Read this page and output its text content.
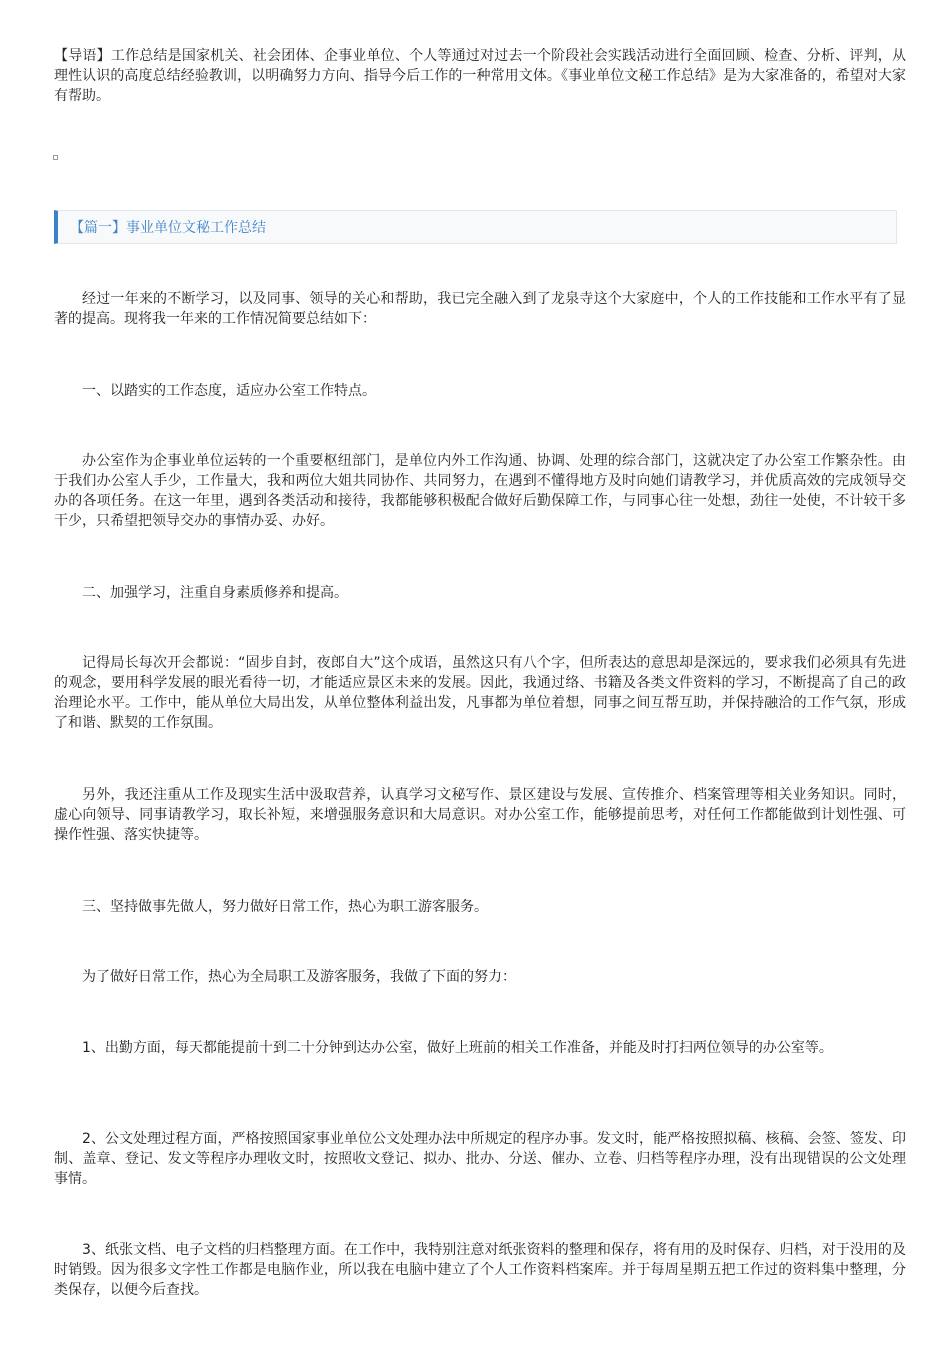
【导语】工作总结是国家机关、社会团体、企事业单位、个人等通过对过去一个阶段社会实践活动进行全面回顾、检查、分析、评判，从理性认识的高度总结经验教训，以明确努力方向、指导今后工作的一种常用文体。《事业单位文秘工作总结》是为大家准备的，希望对大家有帮助。

【篇一】事业单位文秘工作总结

经过一年来的不断学习，以及同事、领导的关心和帮助，我已完全融入到了龙泉寺这个大家庭中，个人的工作技能和工作水平有了显著的提高。现将我一年来的工作情况简要总结如下：

一、以踏实的工作态度，适应办公室工作特点。

办公室作为企事业单位运转的一个重要枢纽部门，是单位内外工作沟通、协调、处理的综合部门，这就决定了办公室工作繁杂性。由于我们办公室人手少，工作量大，我和两位大姐共同协作、共同努力，在遇到不懂得地方及时向她们请教学习，并优质高效的完成领导交办的各项任务。在这一年里，遇到各类活动和接待，我都能够积极配合做好后勤保障工作，与同事心往一处想，劲往一处使，不计较干多干少，只希望把领导交办的事情办妥、办好。

二、加强学习，注重自身素质修养和提高。

记得局长每次开会都说：“固步自封，夜郎自大”这个成语，虽然这只有八个字，但所表达的意思却是深远的，要求我们必须具有先进的观念，要用科学发展的眼光看待一切，才能适应景区未来的发展。因此，我通过络、书籍及各类文件资料的学习，不断提高了自己的政治理论水平。工作中，能从单位大局出发，从单位整体利益出发，凡事都为单位着想，同事之间互帮互助，并保持融洽的工作气氛，形成了和谐、默契的工作氛围。

另外，我还注重从工作及现实生活中汲取营养，认真学习文秘写作、景区建设与发展、宣传推介、档案管理等相关业务知识。同时，虚心向领导、同事请教学习，取长补短，来增强服务意识和大局意识。对办公室工作，能够提前思考，对任何工作都能做到计划性强、可操作性强、落实快捷等。

三、坚持做事先做人，努力做好日常工作，热心为职工游客服务。

为了做好日常工作，热心为全局职工及游客服务，我做了下面的努力：

1、出勤方面，每天都能提前十到二十分钟到达办公室，做好上班前的相关工作准备，并能及时打扫两位领导的办公室等。

2、公文处理过程方面，严格按照国家事业单位公文处理办法中所规定的程序办事。发文时，能严格按照拟稿、核稿、会签、签发、印制、盖章、登记、发文等程序办理收文时，按照收文登记、拟办、批办、分送、催办、立卷、归档等程序办理，没有出现错误的公文处理事情。

3、纸张文档、电子文档的归档整理方面。在工作中，我特别注意对纸张资料的整理和保存，将有用的及时保存、归档，对于没用的及时销毁。因为很多文字性工作都是电脑作业，所以我在电脑中建立了个人工作资料档案库。并于每周星期五把工作过的资料集中整理，分类保存，以便今后查找。
